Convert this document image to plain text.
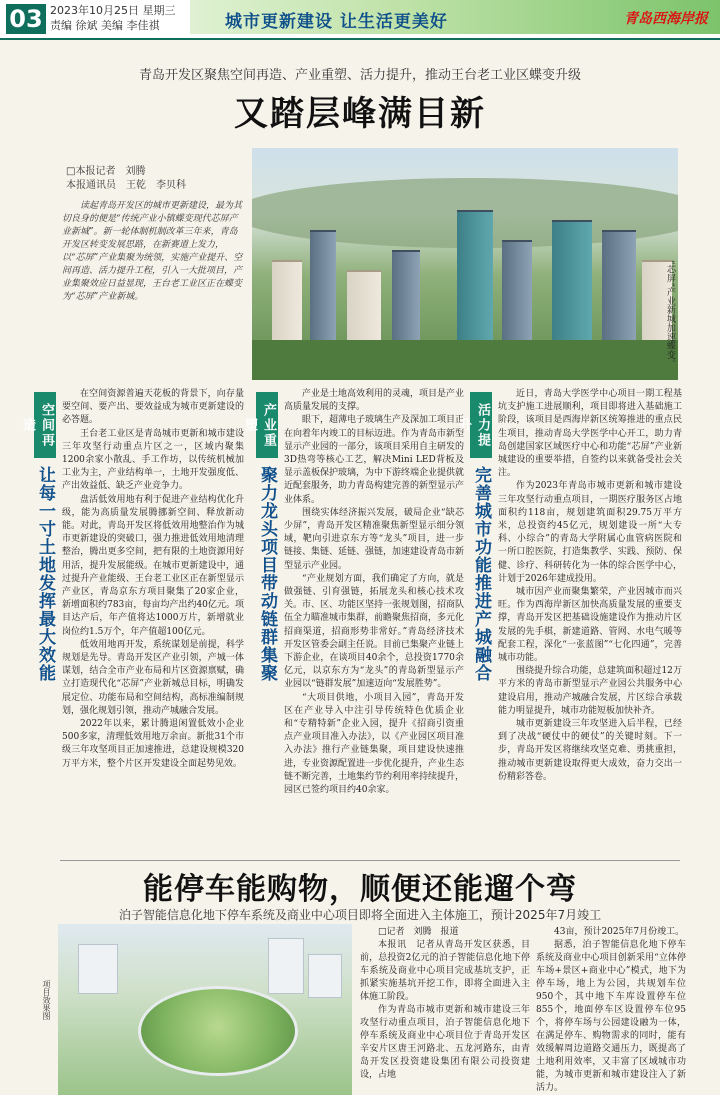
03 2023年10月25日 星期三
责编 徐斌 美编 李佳祺	城市更新建设 让生活更美好	青岛西海岸报
青岛开发区聚焦空间再造、产业重塑、活力提升，推动王台老工业区蝶变升级
又踏层峰满目新
□本报记者　刘腾
本报通讯员　王乾　李贝科
读起青岛开发区的城市更新建设，最为其切良身的便是“传统产业小镇蝶变现代芯屏产业新城”。新一轮体制机制改革三年来，青岛开发区转变发展思路，在新赛道上发力，以“芯屏”产业集聚为统领，实施产业提升、空间再造、活力提升工程，引入一大批项目，产业集聚效应日益显现，王台老工业区正在蝶变为“芯屏”产业新城。	“芯屏”产业新城加速蝶变。
空间再造
让每一寸土地发挥最大效能

在空间资源普遍天花板的背景下，向存量要空间、要产出、要效益成为城市更新建设的必答题。

王台老工业区是青岛城市更新和城市建设三年攻坚行动重点片区之一，区域内聚集1200余家小散乱、手工作坊，以传统机械加工业为主，产业结构单一，土地开发强度低、产出效益低、缺乏产业竞争力。

盘活低效用地有利于促进产业结构优化升级，能为高质量发展腾挪新空间、释放新动能。对此，青岛开发区将低效用地整治作为城市更新建设的突破口，强力推进低效用地清理整治，腾出更多空间，把有限的土地资源用好用活，提升发展能级。在城市更新建设中，通过提升产业能级、王台老工业区正在新型显示产业区，青岛京东方项目聚集了20家企业，新增面积约783亩，每亩均产出约40亿元。项目达产后，年产值将达1000万片，新增就业岗位约1.5万个，年产值超100亿元。

低效用地再开发，系统谋划是前提，科学规划是先导。青岛开发区产业引领，产城一体谋划，结合全市产业布局和片区资源禀赋，确立打造现代化“芯屏”产业新城总目标，明确发展定位、功能布局和空间结构，高标准编制规划，强化规划引领，推动产城融合发展。

2022年以来，累计腾退闲置低效小企业500多家，清理低效用地万余亩。新批31个市级三年攻坚项目正加速推进，总建设规模320万平方米，整个片区开发建设全面起势见效。

产业重塑
聚力龙头项目带动链群集聚

产业是土地高效利用的灵魂，项目是产业高质量发展的支撑。

眼下，超薄电子玻璃生产及深加工项目正在向着年内竣工的目标迈进。作为青岛市新型显示产业园的一部分，该项目采用自主研发的3D热弯等核心工艺，解决Mini LED背板及显示盖板保护玻璃，为中下游终端企业提供就近配套服务，助力青岛构建完善的新型显示产业体系。

围绕实体经济振兴发展，破局企业“缺芯少屏”，青岛开发区精准聚焦新型显示细分领域，靶向引进京东方等“龙头”项目，进一步链接、集链、延链、强链，加速建设青岛市新型显示产业园。

“产业规划方面，我们确定了方向，就是做强链、引育强链，拓展龙头和核心技术攻关。市、区、功能区坚持一张规划图，招商队伍全力瞄准城市集群，前瞻聚焦招商，多元化招商渠道，招商形势非常好。”青岛经济技术开发区管委会副主任说。目前已集聚产业链上下游企业，在谈项目40余个，总投资1770余亿元，以京东方为“龙头”的青岛新型显示产业园以“链群发展”加速迈向“发展胜势”。

“大项目供地，小项目入园”，青岛开发区在产业导入中注引导传统特色优质企业和“专精特新”企业入园，提升《招商引资重点产业项目准入办法》，以《产业园区项目准入办法》推行产业链集聚，项目建设快速推进，专业资源配置进一步优化提升，产业生态链不断完善，土地集约节约利用率持续提升，园区已签约项目约40余家。

活力提升
完善城市功能推进产城融合

近日，青岛大学医学中心项目一期工程基坑支护施工进展顺利，项目即将进入基础施工阶段，该项目是西海岸新区统筹推进的重点民生项目，推动青岛大学医学中心开工，助力青岛创建国家区域医疗中心和功能“芯屏”产业新城建设的重要举措，自签约以来就备受社会关注。

作为2023年青岛市城市更新和城市建设三年攻坚行动重点项目，一期医疗服务区占地面积约118亩，规划建筑面积29.75万平方米，总投资约45亿元，规划建设一所“大专科、小综合”的青岛大学附属心血管病医院和一所口腔医院，打造集教学、实践、预防、保健、诊疗、科研转化为一体的综合医学中心，计划于2026年建成投用。

城市因产业而聚集繁荣，产业因城市而兴旺。作为西海岸新区加快高质量发展的重要支撑，青岛开发区把基础设施建设作为推动片区发展的先手棋，新建道路、管网、水电气暖等配套工程，深化“一张蓝图”“七化四通”，完善城市功能。

围绕提升综合功能，总建筑面积超过12万平方米的青岛市新型显示产业园公共服务中心建设启用，推动产城融合发展，片区综合承载能力明显提升，城市功能短板加快补齐。

城市更新建设三年攻坚进入后半程，已经到了决战“硬仗中的硬仗”的关键时刻。下一步，青岛开发区将继续攻坚克难、勇挑重担，推动城市更新建设取得更大成效，奋力交出一份精彩答卷。

能停车能购物，顺便还能遛个弯
泊子智能信息化地下停车系统及商业中心项目即将全面进入主体施工，预计2025年7月竣工
项目效果图

□记者　刘腾　报道

本报讯　记者从青岛开发区获悉，目前，总投资2亿元的泊子智能信息化地下停车系统及商业中心项目完成基坑支护，正抓紧实施基坑开挖工作，即将全面进入主体施工阶段。

作为青岛市城市更新和城市建设三年攻坚行动重点项目，泊子智能信息化地下停车系统及商业中心项目位于青岛开发区辛安片区唐王河路北、五龙河路东，由青岛开发区投资建设集团有限公司投资建设，占地

43亩，预计2025年7月份竣工。

据悉，泊子智能信息化地下停车系统及商业中心项目创新采用“立体停车场+景区+商业中心”模式，地下为停车场，地上为公园，共规划车位950个，其中地下车库设置停车位855个，地面停车区设置停车位95个，将停车场与公园建设融为一体，在满足停车、购物需求的同时，能有效缓解周边道路交通压力，既提高了土地利用效率，又丰富了区域城市功能，为城市更新和城市建设注入了新活力。
